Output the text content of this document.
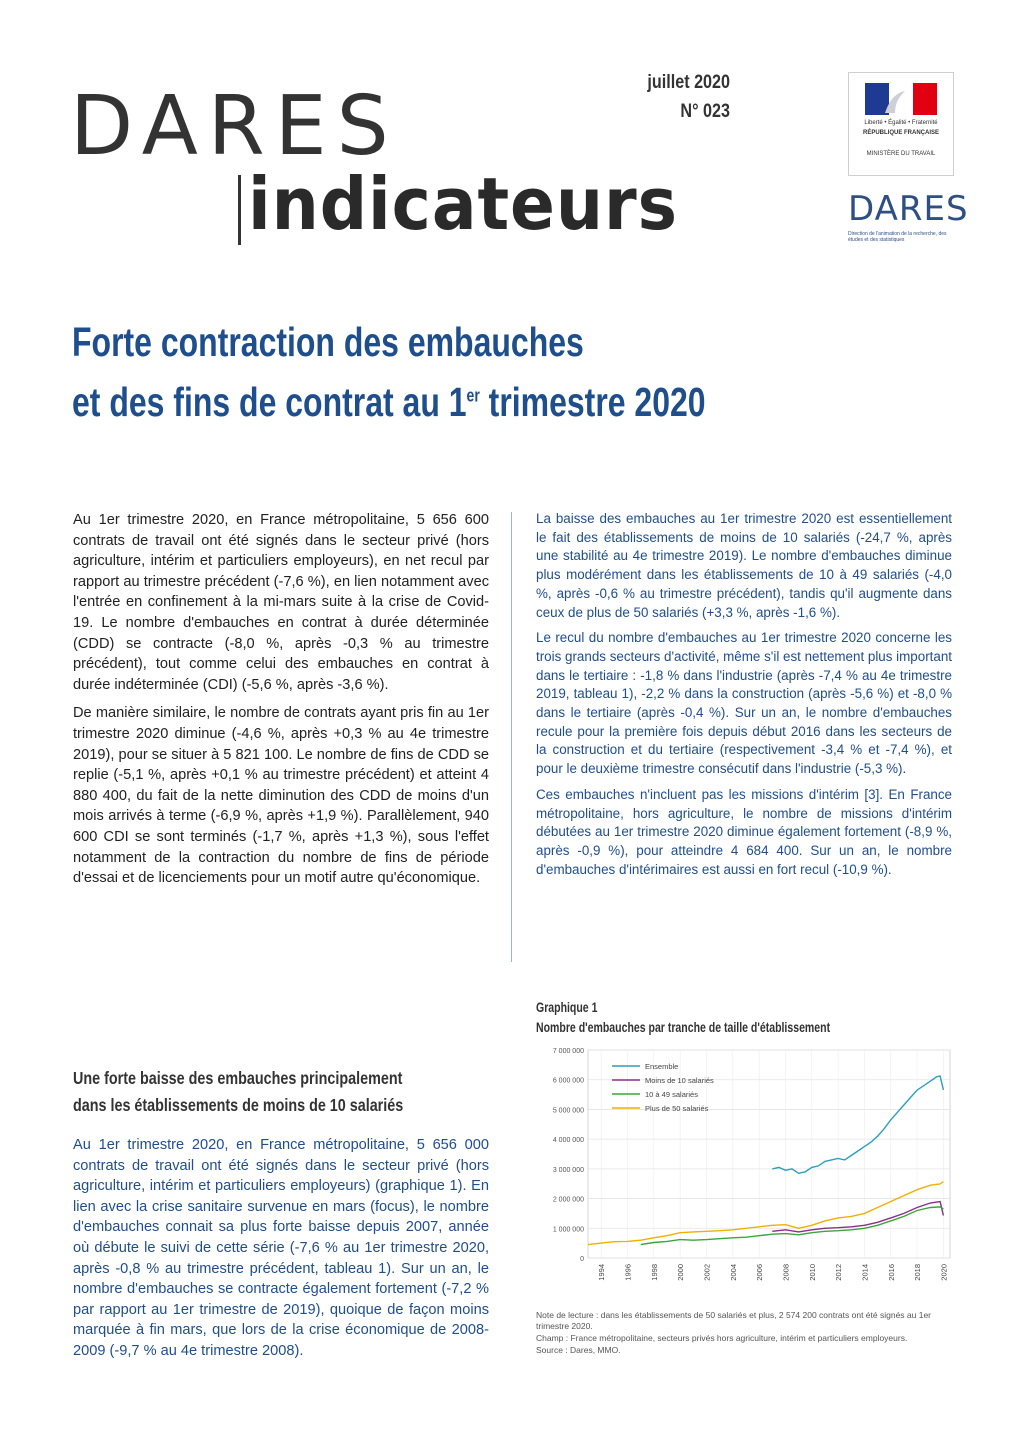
DARES
indicateurs
juillet 2020
N° 023
Liberté • Égalité • Fraternité
RÉPUBLIQUE FRANÇAISE
MINISTÈRE DU TRAVAIL
DARES
Direction de l'animation de la recherche, des études et des statistiques
Forte contraction des embauches
et des fins de contrat au 1er trimestre 2020

Au 1er trimestre 2020, en France métropolitaine, 5 656 600 contrats de travail ont été signés dans le secteur privé (hors agriculture, intérim et particuliers employeurs), en net recul par rapport au trimestre précédent (-7,6 %), en lien notamment avec l'entrée en confinement à la mi-mars suite à la crise de Covid-19. Le nombre d'embauches en contrat à durée déterminée (CDD) se contracte (-8,0 %, après -0,3 % au trimestre précédent), tout comme celui des embauches en contrat à durée indéterminée (CDI) (-5,6 %, après -3,6 %).

De manière similaire, le nombre de contrats ayant pris fin au 1er trimestre 2020 diminue (-4,6 %, après +0,3 % au 4e trimestre 2019), pour se situer à 5 821 100. Le nombre de fins de CDD se replie (-5,1 %, après +0,1 % au trimestre précédent) et atteint 4 880 400, du fait de la nette diminution des CDD de moins d'un mois arrivés à terme (-6,9 %, après +1,9 %). Parallèlement, 940 600 CDI se sont terminés (-1,7 %, après +1,3 %), sous l'effet notamment de la contraction du nombre de fins de période d'essai et de licenciements pour un motif autre qu'économique.

La baisse des embauches au 1er trimestre 2020 est essentiellement le fait des établissements de moins de 10 salariés (-24,7 %, après une stabilité au 4e trimestre 2019). Le nombre d'embauches diminue plus modérément dans les établissements de 10 à 49 salariés (-4,0 %, après -0,6 % au trimestre précédent), tandis qu'il augmente dans ceux de plus de 50 salariés (+3,3 %, après -1,6 %).

Le recul du nombre d'embauches au 1er trimestre 2020 concerne les trois grands secteurs d'activité, même s'il est nettement plus important dans le tertiaire : -1,8 % dans l'industrie (après -7,4 % au 4e trimestre 2019, tableau 1), -2,2 % dans la construction (après -5,6 %) et -8,0 % dans le tertiaire (après -0,4 %). Sur un an, le nombre d'embauches recule pour la première fois depuis début 2016 dans les secteurs de la construction et du tertiaire (respectivement -3,4 % et -7,4 %), et pour le deuxième trimestre consécutif dans l'industrie (-5,3 %).

Ces embauches n'incluent pas les missions d'intérim [3]. En France métropolitaine, hors agriculture, le nombre de missions d'intérim débutées au 1er trimestre 2020 diminue également fortement (-8,9 %, après -0,9 %), pour atteindre 4 684 400. Sur un an, le nombre d'embauches d'intérimaires est aussi en fort recul (-10,9 %).

Une forte baisse des embauches principalement
dans les établissements de moins de 10 salariés

Au 1er trimestre 2020, en France métropolitaine, 5 656 000 contrats de travail ont été signés dans le secteur privé (hors agriculture, intérim et particuliers employeurs) (graphique 1). En lien avec la crise sanitaire survenue en mars (focus), le nombre d'embauches connait sa plus forte baisse depuis 2007, année où débute le suivi de cette série (-7,6 % au 1er trimestre 2020, après -0,8 % au trimestre précédent, tableau 1). Sur un an, le nombre d'embauches se contracte également fortement (-7,2 % par rapport au 1er trimestre de 2019), quoique de façon moins marquée à fin mars, que lors de la crise économique de 2008-2009 (-9,7 % au 4e trimestre 2008).

Graphique 1
Nombre d'embauches par tranche de taille d'établissement
0
1 000 000
2 000 000
3 000 000
4 000 000
5 000 000
6 000 000
7 000 000
1994 1996 1998 2000 2002 2004 2006 2008 2010 2012 2014 2016 2018 2020
Ensemble
Moins de 10 salariés
10 à 49 salariés
Plus de 50 salariés
Note de lecture : dans les établissements de 50 salariés et plus, 2 574 200 contrats ont été signés au 1er trimestre 2020.
Champ : France métropolitaine, secteurs privés hors agriculture, intérim et particuliers employeurs.
Source : Dares, MMO.
